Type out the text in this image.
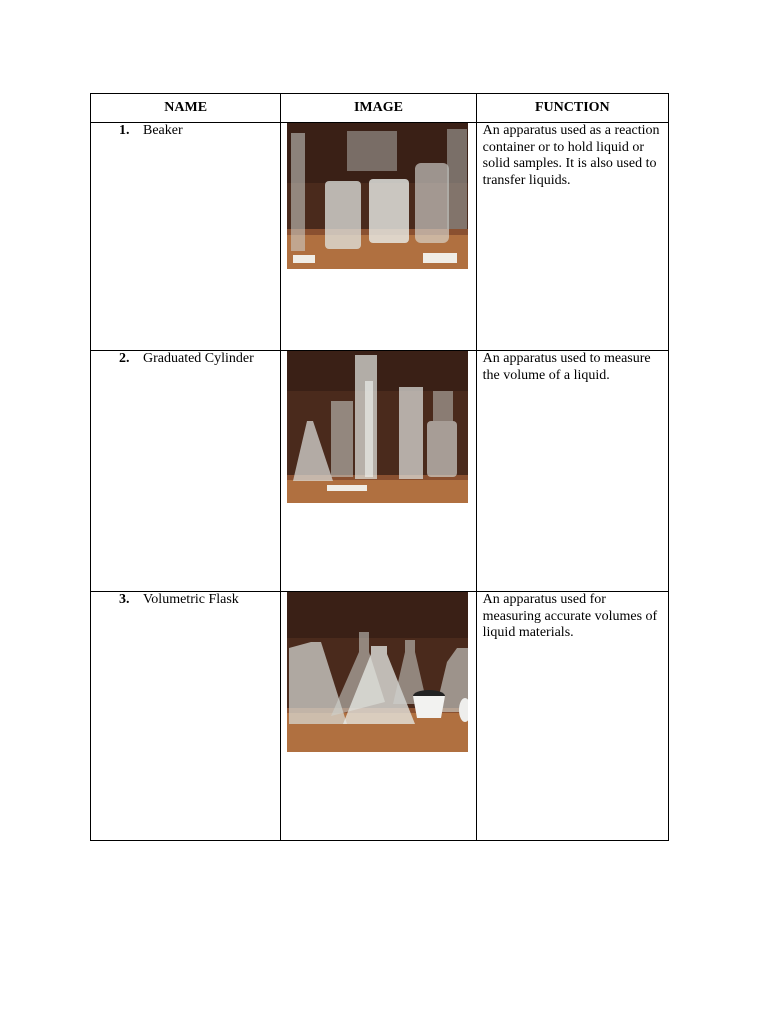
NAME	IMAGE	FUNCTION

1. Beaker		An apparatus used as a reaction container or to hold liquid or solid samples. It is also used to transfer liquids.

2. Graduated Cylinder		An apparatus used to measure the volume of a liquid.

3. Volumetric Flask		An apparatus used for measuring accurate volumes of liquid materials.
